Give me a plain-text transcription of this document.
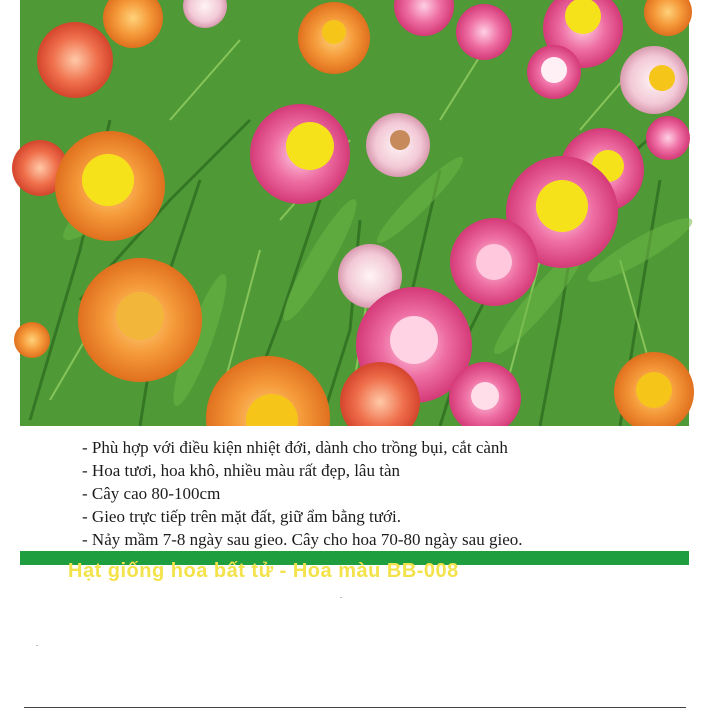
- Phù hợp với điều kiện nhiệt đới, dành cho trồng bụi, cắt cành
- Hoa tươi, hoa khô, nhiều màu rất đẹp, lâu tàn
- Cây cao 80-100cm
- Gieo trực tiếp trên mặt đất, giữ ẩm bằng tưới.
- Nảy mầm 7-8 ngày sau gieo. Cây cho hoa 70-80 ngày sau gieo.
Hạt giống hoa bất tử - Hoa màu BB-008
